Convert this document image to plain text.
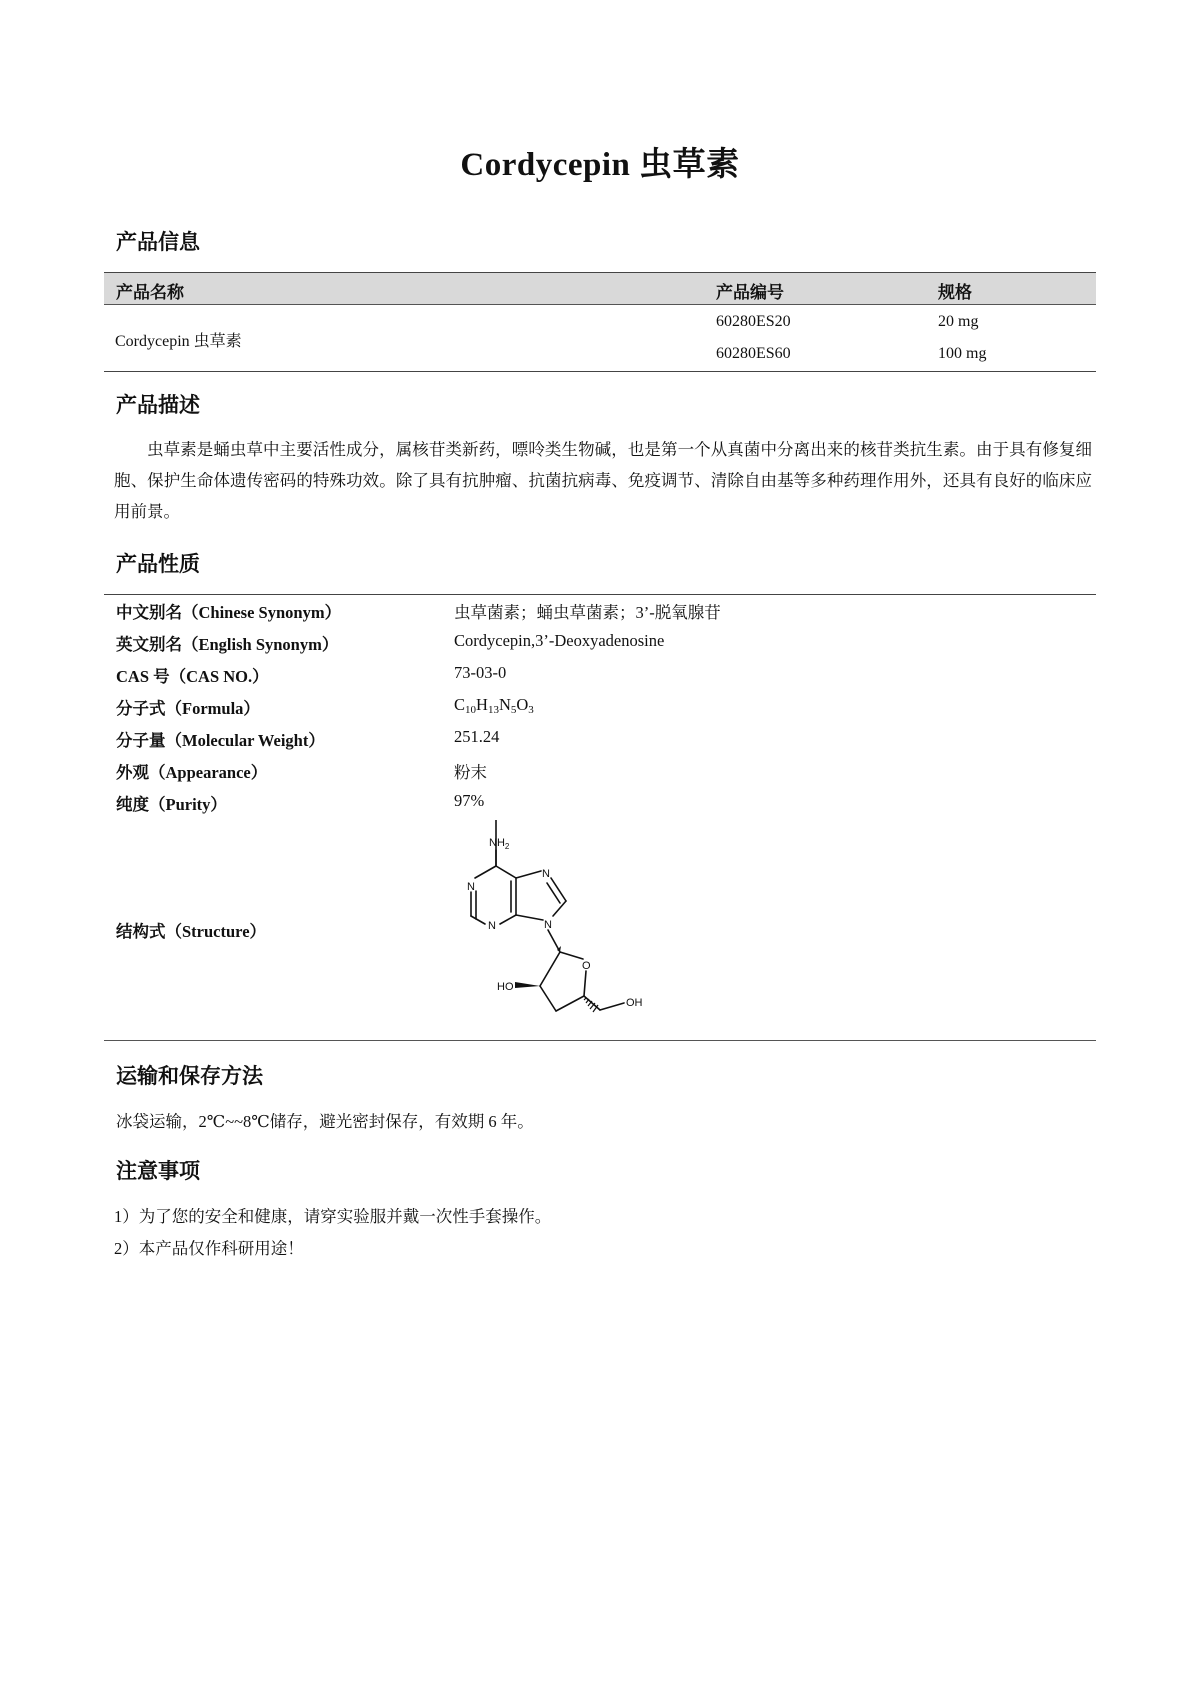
Cordycepin 虫草素
产品信息
产品名称	产品编号	规格
Cordycepin 虫草素
60280ES20	20 mg
60280ES60	100 mg
产品描述

虫草素是蛹虫草中主要活性成分，属核苷类新药，嘌呤类生物碱，也是第一个从真菌中分离出来的核苷类抗生素。由于具有修复细胞、保护生命体遗传密码的特殊功效。除了具有抗肿瘤、抗菌抗病毒、免疫调节、清除自由基等多种药理作用外，还具有良好的临床应用前景。

产品性质
中文别名（Chinese Synonym）	虫草菌素；蛹虫草菌素；3’-脱氧腺苷
英文别名（English Synonym）	Cordycepin,3’-Deoxyadenosine
CAS 号（CAS NO.）	73-03-0
分子式（Formula）	$C_{10}H_{13}N_5O_3$
分子量（Molecular Weight）	251.24
外观（Appearance）	粉末
纯度（Purity）	97%
结构式（Structure）
$NH_2$
N
N
N
N
O
HO
OH
运输和保存方法
冰袋运输，2℃~~8℃储存，避光密封保存，有效期 6 年。
注意事项
1）为了您的安全和健康，请穿实验服并戴一次性手套操作。
2）本产品仅作科研用途！
